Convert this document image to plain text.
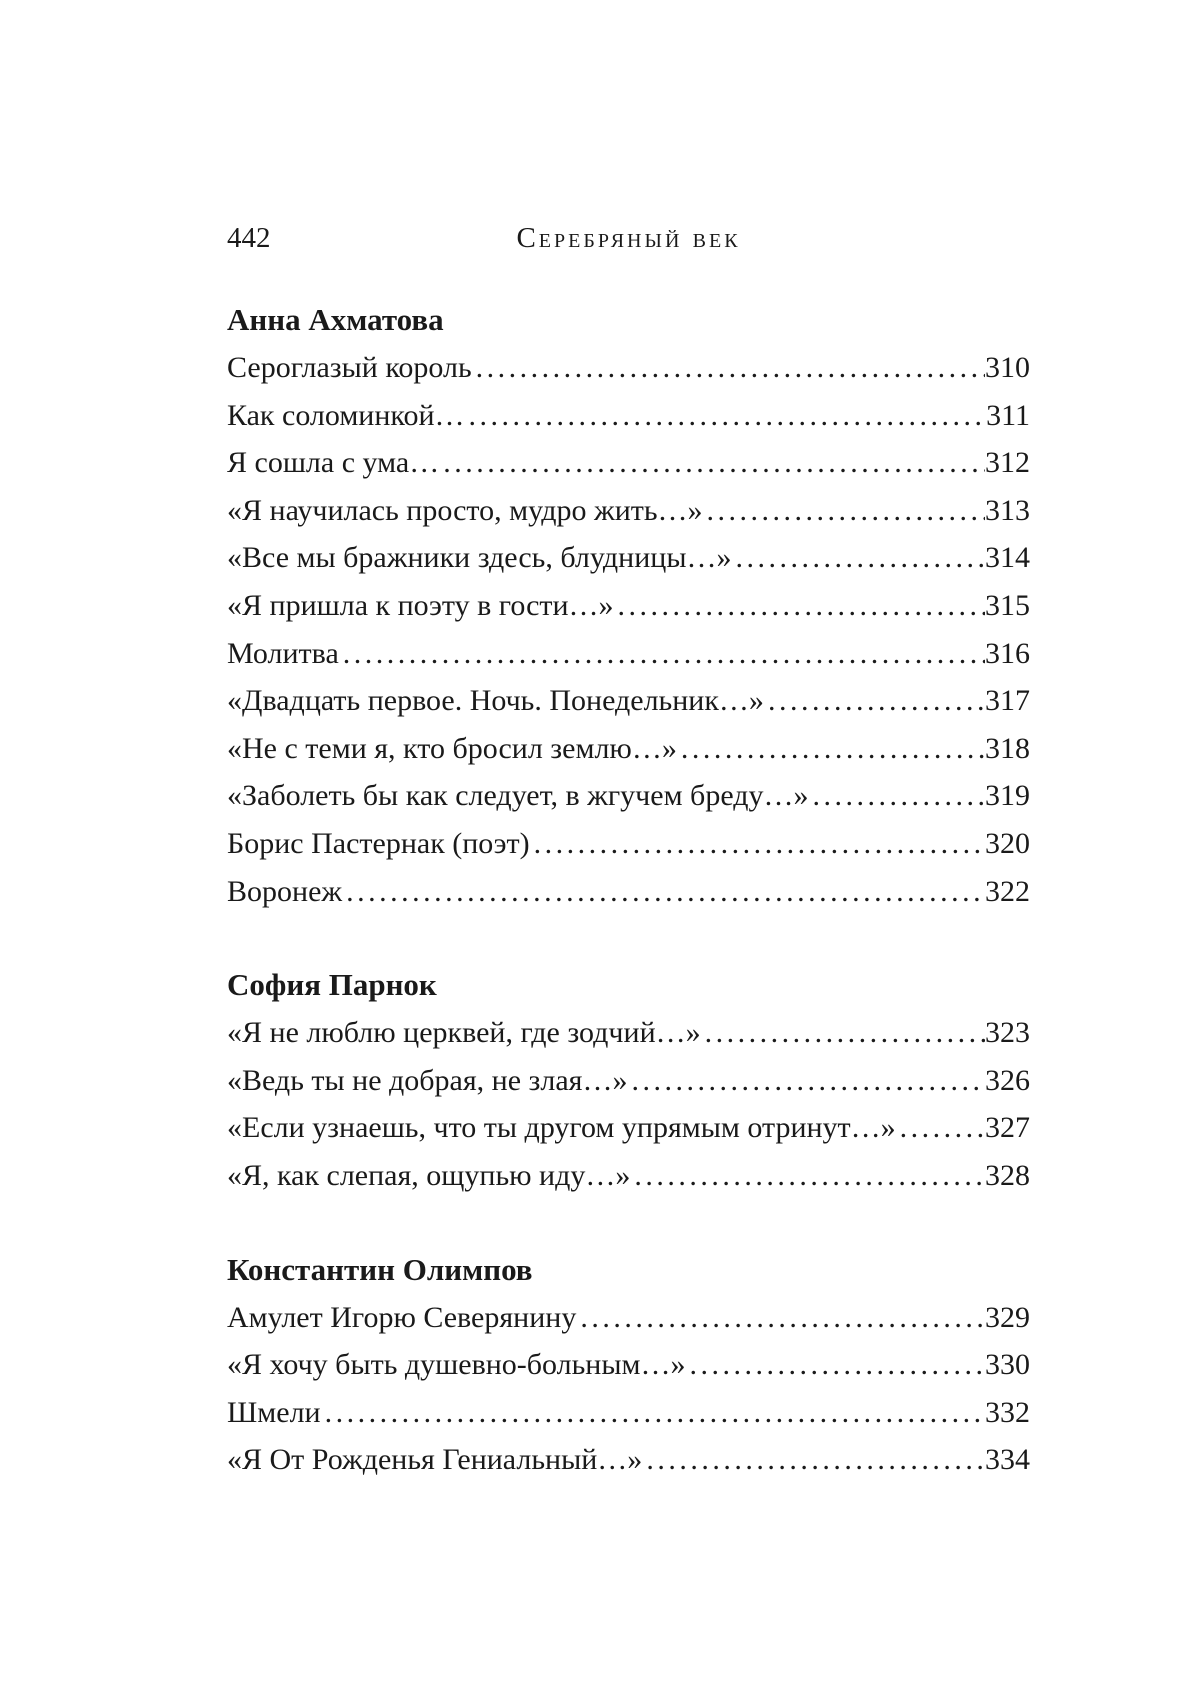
442	Серебряный век
Анна Ахматова
Сероглазый король . . .	310
Как соломинкой… . . .	311
Я сошла с ума… . . .	312
«Я научилась просто, мудро жить…» . . .	313
«Все мы бражники здесь, блудницы…» . . .	314
«Я пришла к поэту в гости…» . . .	315
Молитва . . .	316
«Двадцать первое. Ночь. Понедельник…» . . .	317
«Не с теми я, кто бросил землю…» . . .	318
«Заболеть бы как следует, в жгучем бреду…» . . .	319
Борис Пастернак (поэт) . . .	320
Воронеж . . .	322
София Парнок
«Я не люблю церквей, где зодчий…» . . .	323
«Ведь ты не добрая, не злая…» . . .	326
«Если узнаешь, что ты другом упрямым отринут…» . . .	327
«Я, как слепая, ощупью иду…» . . .	328
Константин Олимпов
Амулет Игорю Северянину . . .	329
«Я хочу быть душевно-больным…» . . .	330
Шмели . . .	332
«Я От Рожденья Гениальный…» . . .	334
